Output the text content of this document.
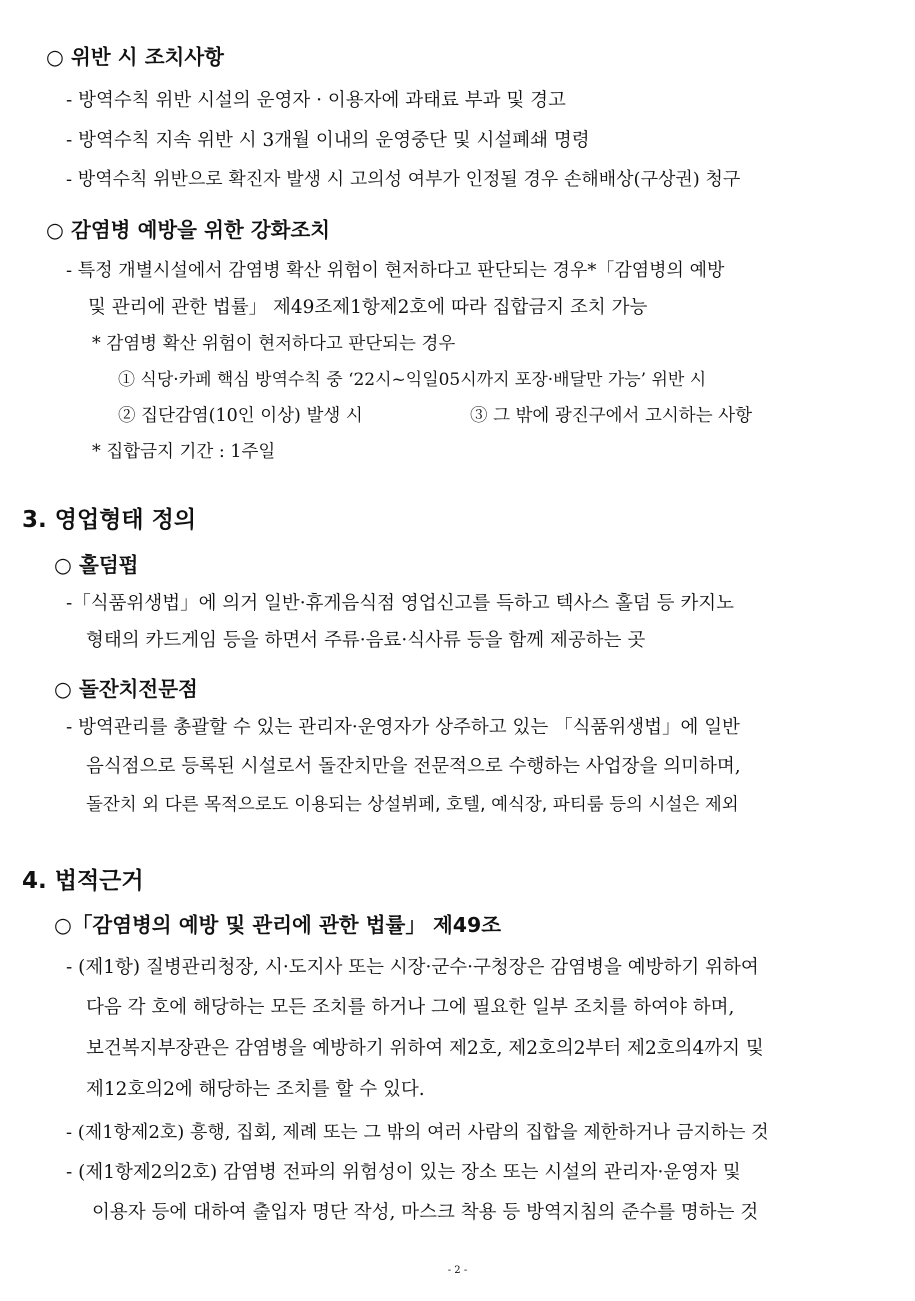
○ 위반 시 조치사항
- 방역수칙 위반 시설의 운영자 · 이용자에 과태료 부과 및 경고
- 방역수칙 지속 위반 시 3개월 이내의 운영중단 및 시설폐쇄 명령
- 방역수칙 위반으로 확진자 발생 시 고의성 여부가 인정될 경우 손해배상(구상권) 청구
○ 감염병 예방을 위한 강화조치
- 특정 개별시설에서 감염병 확산 위험이 현저하다고 판단되는 경우*「감염병의 예방
및 관리에 관한 법률」 제49조제1항제2호에 따라 집합금지 조치 가능
* 감염병 확산 위험이 현저하다고 판단되는 경우
① 식당·카페 핵심 방역수칙 중 ‘22시~익일05시까지 포장·배달만 가능’ 위반 시
② 집단감염(10인 이상) 발생 시	③ 그 밖에 광진구에서 고시하는 사항
* 집합금지 기간 : 1주일
3. 영업형태 정의
○ 홀덤펍
-「식품위생법」에 의거 일반·휴게음식점 영업신고를 득하고 텍사스 홀덤 등 카지노
형태의 카드게임 등을 하면서 주류·음료·식사류 등을 함께 제공하는 곳
○ 돌잔치전문점
- 방역관리를 총괄할 수 있는 관리자·운영자가 상주하고 있는 「식품위생법」에 일반
음식점으로 등록된 시설로서 돌잔치만을 전문적으로 수행하는 사업장을 의미하며,
돌잔치 외 다른 목적으로도 이용되는 상설뷔페, 호텔, 예식장, 파티룸 등의 시설은 제외
4. 법적근거
○「감염병의 예방 및 관리에 관한 법률」 제49조
- (제1항) 질병관리청장, 시·도지사 또는 시장·군수·구청장은 감염병을 예방하기 위하여
다음 각 호에 해당하는 모든 조치를 하거나 그에 필요한 일부 조치를 하여야 하며,
보건복지부장관은 감염병을 예방하기 위하여 제2호, 제2호의2부터 제2호의4까지 및
제12호의2에 해당하는 조치를 할 수 있다.
- (제1항제2호) 흥행, 집회, 제례 또는 그 밖의 여러 사람의 집합을 제한하거나 금지하는 것
- (제1항제2의2호) 감염병 전파의 위험성이 있는 장소 또는 시설의 관리자·운영자 및
이용자 등에 대하여 출입자 명단 작성, 마스크 착용 등 방역지침의 준수를 명하는 것
- 2 -
